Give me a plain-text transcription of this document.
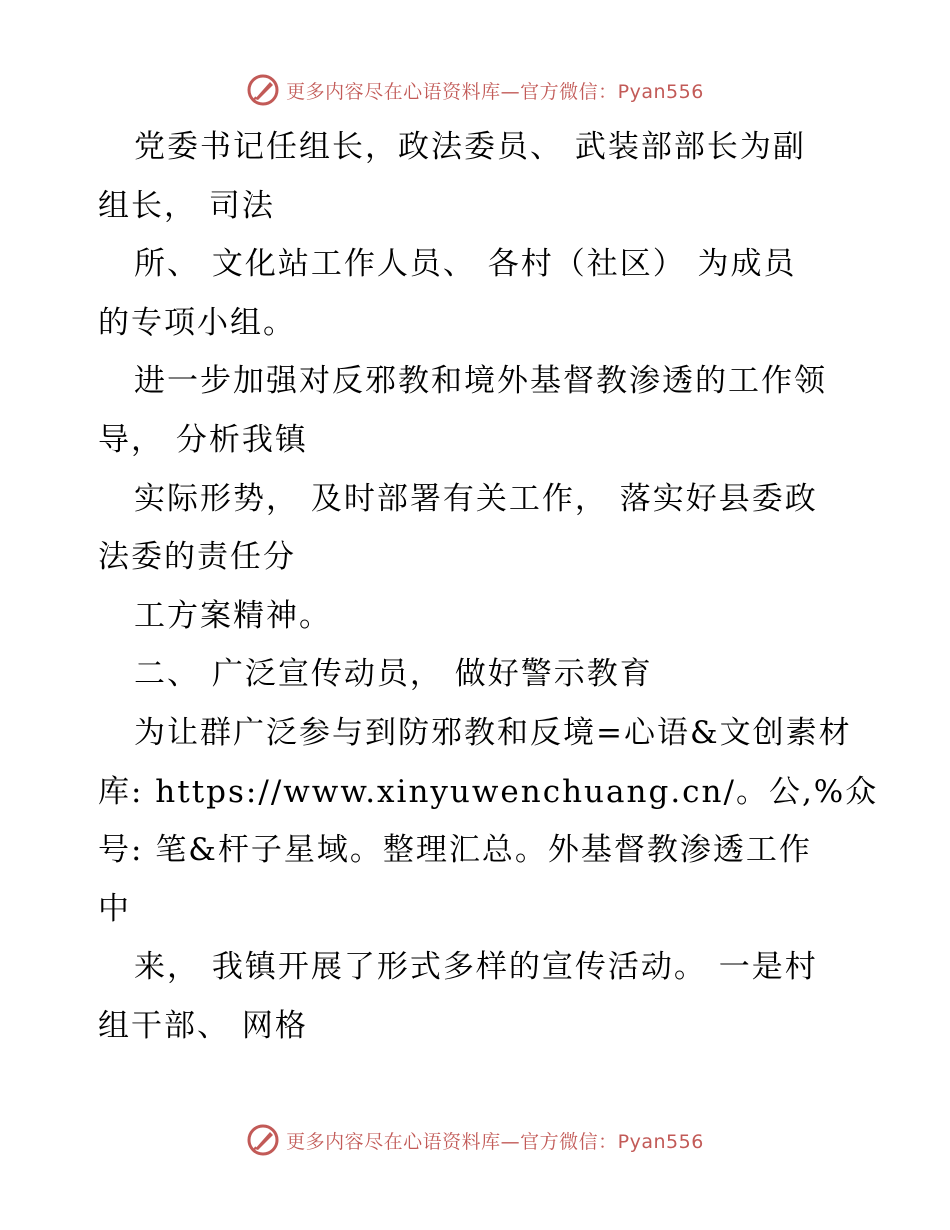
更多内容尽在心语资料库—官方微信：Pyan556
党委书记任组长，政法委员、 武装部部长为副
组长， 司法
所、 文化站工作人员、 各村（社区） 为成员
的专项小组。
进一步加强对反邪教和境外基督教渗透的工作领
导， 分析我镇
实际形势， 及时部署有关工作， 落实好县委政
法委的责任分
工方案精神。
二、 广泛宣传动员， 做好警示教育
为让群广泛参与到防邪教和反境=心语&文创素材
库: https://www.xinyuwenchuang.cn/。公,%众
号: 笔&杆子星域。整理汇总。外基督教渗透工作
中
来， 我镇开展了形式多样的宣传活动。 一是村
组干部、 网格
更多内容尽在心语资料库—官方微信：Pyan556
